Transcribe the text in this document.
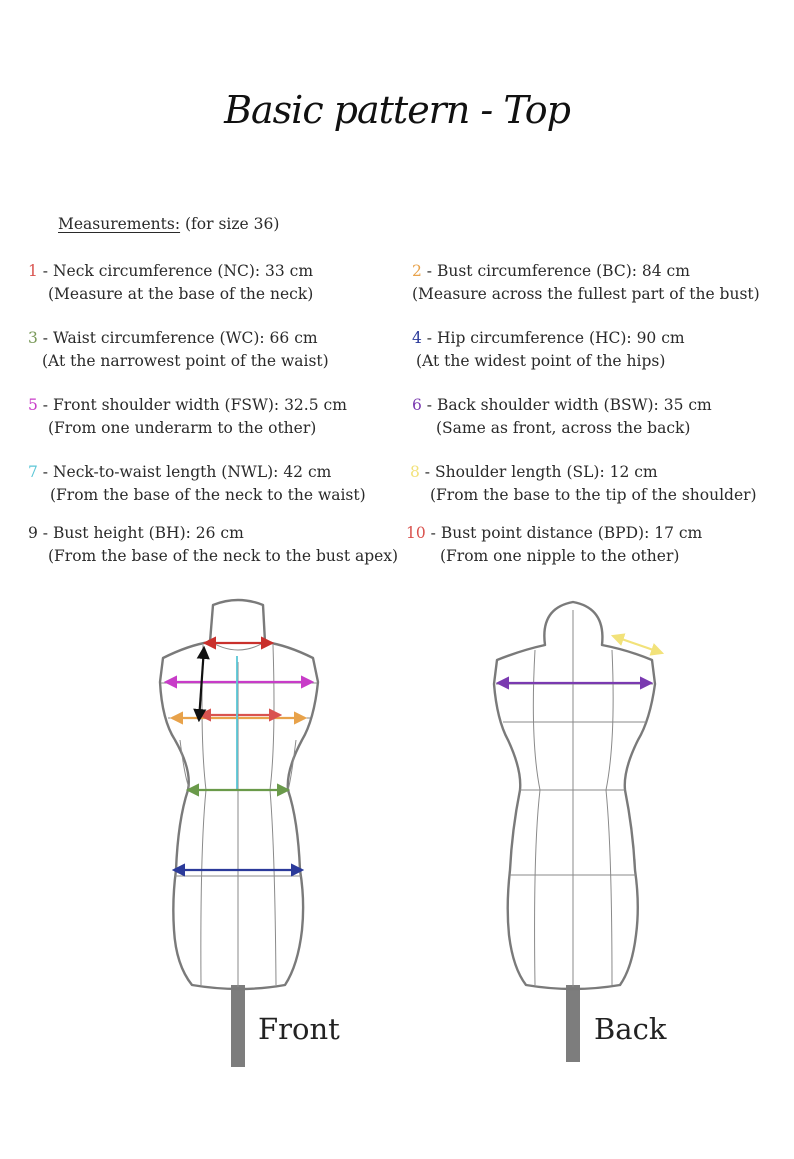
Basic pattern - Top
Measurements: (for size 36)
1 - Neck circumference (NC): 33 cm
(Measure at the base of the neck)
3 - Waist circumference (WC): 66 cm
(At the narrowest point of the waist)
5 - Front shoulder width (FSW): 32.5 cm
(From one underarm to the other)
7 - Neck-to-waist length (NWL): 42 cm
(From the base of the neck to the waist)
9 - Bust height (BH): 26 cm
(From the base of the neck to the bust apex)
2 - Bust circumference (BC): 84 cm
(Measure across the fullest part of the bust)
4 - Hip circumference (HC): 90 cm
(At the widest point of the hips)
6 - Back shoulder width (BSW): 35 cm
(Same as front, across the back)
8 - Shoulder length (SL): 12 cm
(From the base to the tip of the shoulder)
10 - Bust point distance (BPD): 17 cm
(From one nipple to the other)
Front	Back
